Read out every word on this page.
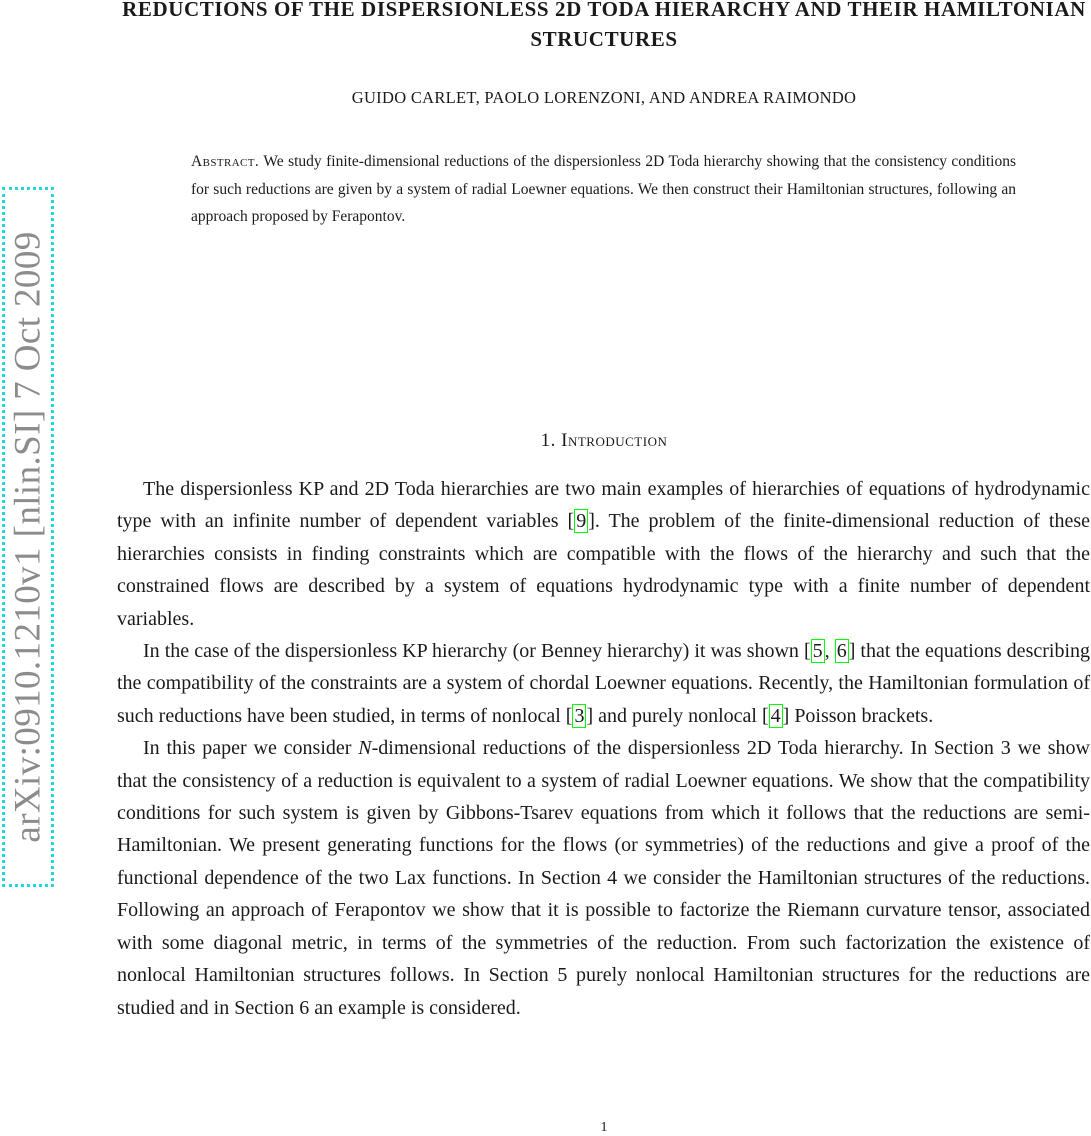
REDUCTIONS OF THE DISPERSIONLESS 2D TODA HIERARCHY AND THEIR HAMILTONIAN STRUCTURES
GUIDO CARLET, PAOLO LORENZONI, AND ANDREA RAIMONDO
Abstract. We study finite-dimensional reductions of the dispersionless 2D Toda hierarchy showing that the consistency conditions for such reductions are given by a system of radial Loewner equations. We then construct their Hamiltonian structures, following an approach proposed by Ferapontov.
1. Introduction

The dispersionless KP and 2D Toda hierarchies are two main examples of hierarchies of equations of hydrodynamic type with an infinite number of dependent variables [ 9 ]. The problem of the finite-dimensional reduction of these hierarchies consists in finding constraints which are compatible with the flows of the hierarchy and such that the constrained flows are described by a system of equations hydrodynamic type with a finite number of dependent variables.

In the case of the dispersionless KP hierarchy (or Benney hierarchy) it was shown [ 5 , 6 ] that the equations describing the compatibility of the constraints are a system of chordal Loewner equations. Recently, the Hamiltonian formulation of such reductions have been studied, in terms of nonlocal [ 3 ] and purely nonlocal [ 4 ] Poisson brackets.

In this paper we consider N-dimensional reductions of the dispersionless 2D Toda hierarchy. In Section 3 we show that the consistency of a reduction is equivalent to a system of radial Loewner equations. We show that the compatibility conditions for such system is given by Gibbons-Tsarev equations from which it follows that the reductions are semi-Hamiltonian. We present generating functions for the flows (or symmetries) of the reductions and give a proof of the functional dependence of the two Lax functions. In Section 4 we consider the Hamiltonian structures of the reductions. Following an approach of Ferapontov we show that it is possible to factorize the Riemann curvature tensor, associated with some diagonal metric, in terms of the symmetries of the reduction. From such factorization the existence of nonlocal Hamiltonian structures follows. In Section 5 purely nonlocal Hamiltonian structures for the reductions are studied and in Section 6 an example is considered.

1
arXiv:0910.1210v1 [nlin.SI] 7 Oct 2009
